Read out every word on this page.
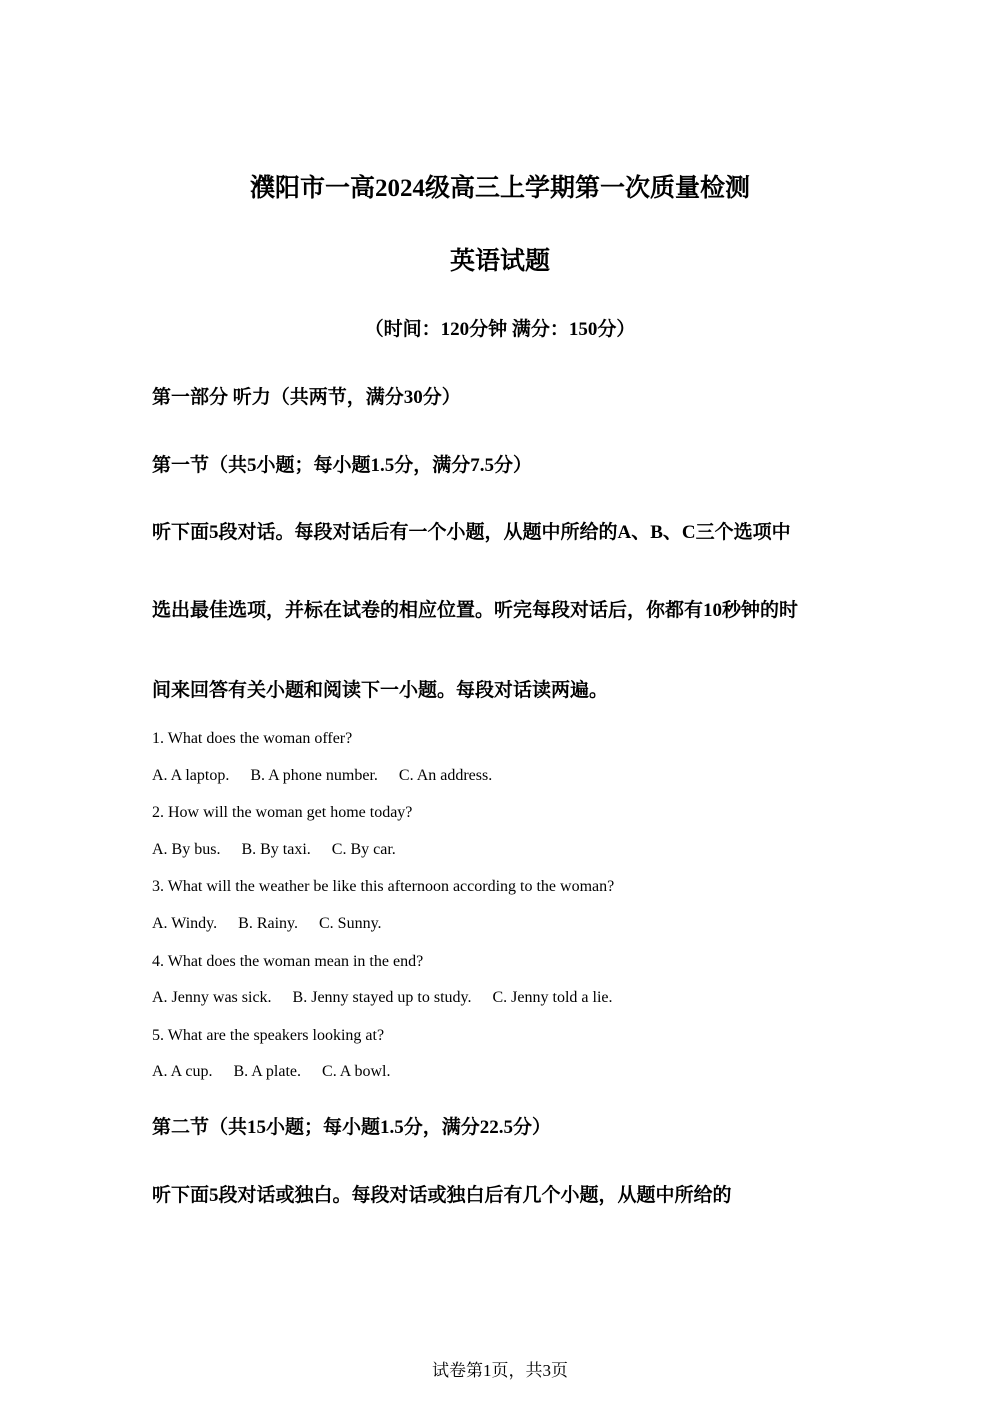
濮阳市一高2024级高三上学期第一次质量检测
英语试题

（时间：120分钟 满分：150分）

第一部分 听力（共两节，满分30分）

第一节（共5小题；每小题1.5分，满分7.5分）

听下面5段对话。每段对话后有一个小题，从题中所给的A、B、C三个选项中

选出最佳选项，并标在试卷的相应位置。听完每段对话后，你都有10秒钟的时

间来回答有关小题和阅读下一小题。每段对话读两遍。

1. What does the woman offer?

A. A laptop. B. A phone number. C. An address.

2. How will the woman get home today?

A. By bus. B. By taxi. C. By car.

3. What will the weather be like this afternoon according to the woman?

A. Windy. B. Rainy. C. Sunny.

4. What does the woman mean in the end?

A. Jenny was sick. B. Jenny stayed up to study. C. Jenny told a lie.

5. What are the speakers looking at?

A. A cup. B. A plate. C. A bowl.

第二节（共15小题；每小题1.5分，满分22.5分）

听下面5段对话或独白。每段对话或独白后有几个小题，从题中所给的

试卷第1页，共3页
